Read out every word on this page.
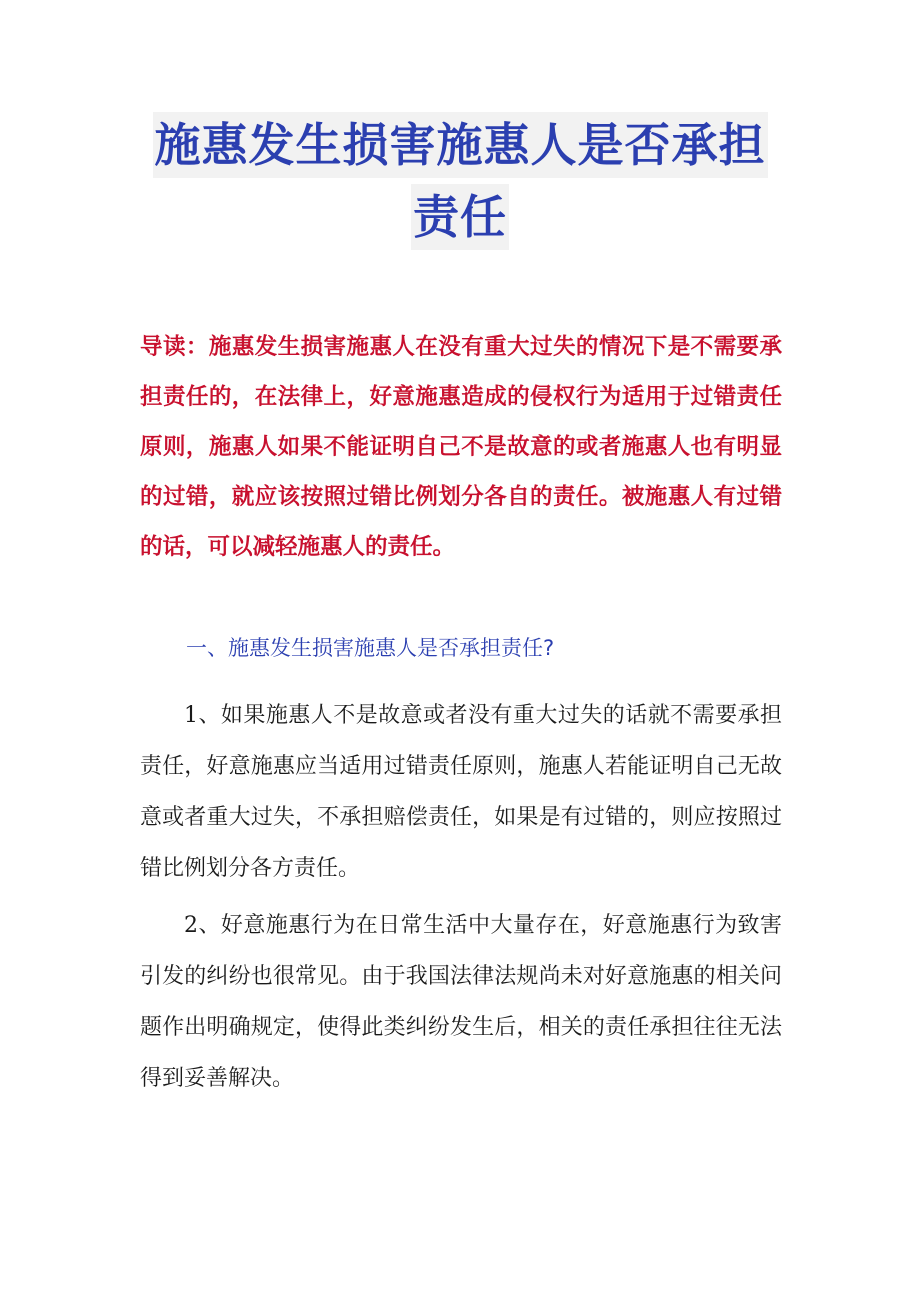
施惠发生损害施惠人是否承担
责任
导读：施惠发生损害施惠人在没有重大过失的情况下是不需要承担责任的，在法律上，好意施惠造成的侵权行为适用于过错责任原则，施惠人如果不能证明自己不是故意的或者施惠人也有明显的过错，就应该按照过错比例划分各自的责任。被施惠人有过错的话，可以减轻施惠人的责任。
一、施惠发生损害施惠人是否承担责任?
1、如果施惠人不是故意或者没有重大过失的话就不需要承担责任，好意施惠应当适用过错责任原则，施惠人若能证明自己无故意或者重大过失，不承担赔偿责任，如果是有过错的，则应按照过错比例划分各方责任。
2、好意施惠行为在日常生活中大量存在，好意施惠行为致害引发的纠纷也很常见。由于我国法律法规尚未对好意施惠的相关问题作出明确规定，使得此类纠纷发生后，相关的责任承担往往无法得到妥善解决。
